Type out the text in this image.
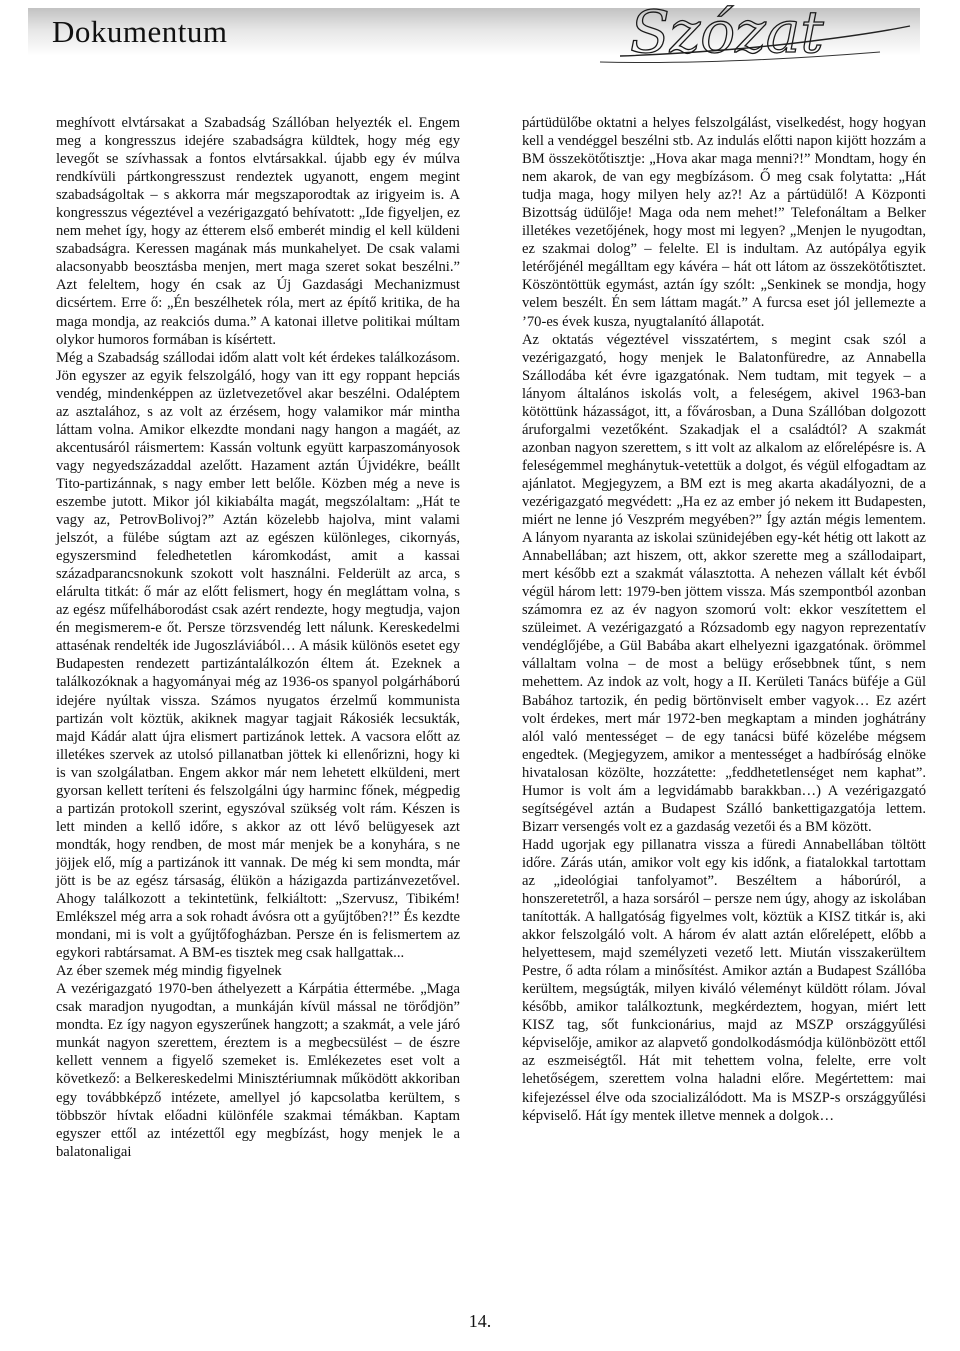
Dokumentum	Szózat

meghívott elvtársakat a Szabadság Szállóban helyezték el. Engem meg a kongresszus idejére szabadságra küldtek, hogy még egy levegőt se szívhassak a fontos elvtársakkal. újabb egy év múlva rendkívüli pártkongresszust rendeztek ugyanott, engem megint szabadságoltak – s akkorra már megszaporodtak az irigyeim is. A kongresszus végeztével a vezérigazgató behívatott: „Ide figyeljen, ez nem mehet így, hogy az étterem első emberét mindig el kell küldeni szabadságra. Keressen magának más munkahelyet. De csak valami alacsonyabb beosztásba menjen, mert maga szeret sokat beszélni.” Azt feleltem, hogy én csak az Új Gazdasági Mechanizmust dicsértem. Erre ő: „Én beszélhetek róla, mert az építő kritika, de ha maga mondja, az reakciós duma.” A katonai illetve politikai múltam olykor humoros formában is kísértett.

Még a Szabadság szállodai időm alatt volt két érdekes találkozásom. Jön egyszer az egyik felszolgáló, hogy van itt egy roppant hepciás vendég, mindenképpen az üzletvezetővel akar beszélni. Odaléptem az asztalához, s az volt az érzésem, hogy valamikor már mintha láttam volna. Amikor elkezdte mondani nagy hangon a magáét, az akcentusáról ráismertem: Kassán voltunk együtt karpaszományosok vagy negyedszázaddal azelőtt. Hazament aztán Újvidékre, beállt Tito-partizánnak, s nagy ember lett belőle. Közben még a neve is eszembe jutott. Mikor jól kikiabálta magát, megszólaltam: „Hát te vagy az, PetrovBolivoj?” Aztán közelebb hajolva, mint valami jelszót, a fülébe súgtam azt az egészen különleges, cikornyás, egyszersmind feledhetetlen káromkodást, amit a kassai századparancsnokunk szokott volt használni. Felderült az arca, s elárulta titkát: ő már az előtt felismert, hogy én megláttam volna, s az egész műfelháborodást csak azért rendezte, hogy megtudja, vajon én megismerem-e őt. Persze törzsvendég lett nálunk. Kereskedelmi attasénak rendelték ide Jugoszláviából… A másik különös esetet egy Budapesten rendezett partizántalálkozón éltem át. Ezeknek a találkozóknak a hagyományai még az 1936-os spanyol polgárháború idejére nyúltak vissza. Számos nyugatos érzelmű kommunista partizán volt köztük, akiknek magyar tagjait Rákosiék lecsukták, majd Kádár alatt újra elismert partizánok lettek. A vacsora előtt az illetékes szervek az utolsó pillanatban jöttek ki ellenőrizni, hogy ki is van szolgálatban. Engem akkor már nem lehetett elküldeni, mert gyorsan kellett teríteni és felszolgálni úgy harminc főnek, mégpedig a partizán protokoll szerint, egyszóval szükség volt rám. Készen is lett minden a kellő időre, s akkor az ott lévő belügyesek azt mondták, hogy rendben, de most már menjek be a konyhára, s ne jöjjek elő, míg a partizánok itt vannak. De még ki sem mondta, már jött is be az egész társaság, élükön a házigazda partizánvezetővel. Ahogy találkozott a tekintetünk, felkiáltott: „Szervusz, Tibikém! Emlékszel még arra a sok rohadt ávósra ott a gyűjtőben?!” És kezdte mondani, mi is volt a gyűjtőfogházban. Persze én is felismertem az egykori rabtársamat. A BM-es tisztek meg csak hallgattak...

Az éber szemek még mindig figyelnek

A vezérigazgató 1970-ben áthelyezett a Kárpátia éttermébe. „Maga csak maradjon nyugodtan, a munkáján kívül mással ne törődjön” mondta. Ez így nagyon egyszerűnek hangzott; a szakmát, a vele járó munkát nagyon szerettem, éreztem is a megbecsülést – de észre kellett vennem a figyelő szemeket is. Emlékezetes eset volt a következő: a Belkereskedelmi Minisztériumnak működött akkoriban egy továbbképző intézete, amellyel jó kapcsolatba kerültem, s többször hívtak előadni különféle szakmai témákban. Kaptam egyszer ettől az intézettől egy megbízást, hogy menjek le a balatonaligai

pártüdülőbe oktatni a helyes felszolgálást, viselkedést, hogy hogyan kell a vendéggel beszélni stb. Az indulás előtti napon kijött hozzám a BM összekötőtisztje: „Hova akar maga menni?!” Mondtam, hogy én nem akarok, de van egy megbízásom. Ő meg csak folytatta: „Hát tudja maga, hogy milyen hely az?! Az a pártüdülő! A Központi Bizottság üdülője! Maga oda nem mehet!” Telefonáltam a Belker illetékes vezetőjének, hogy most mi legyen? „Menjen le nyugodtan, ez szakmai dolog” – felelte. El is indultam. Az autópálya egyik letérőjénél megálltam egy kávéra – hát ott látom az összekötőtisztet. Köszöntöttük egymást, aztán így szólt: „Senkinek se mondja, hogy velem beszélt. Én sem láttam magát.” A furcsa eset jól jellemezte a ’70-es évek kusza, nyugtalanító állapotát.

Az oktatás végeztével visszatértem, s megint csak szól a vezérigazgató, hogy menjek le Balatonfüredre, az Annabella Szállodába két évre igazgatónak. Nem tudtam, mit tegyek – a lányom általános iskolás volt, a feleségem, akivel 1963-ban kötöttünk házasságot, itt, a fővárosban, a Duna Szállóban dolgozott áruforgalmi vezetőként. Szakadjak el a családtól? A szakmát azonban nagyon szerettem, s itt volt az alkalom az előrelépésre is. A feleségemmel meghánytuk-vetettük a dolgot, és végül elfogadtam az ajánlatot. Megjegyzem, a BM ezt is meg akarta akadályozni, de a vezérigazgató megvédett: „Ha ez az ember jó nekem itt Budapesten, miért ne lenne jó Veszprém megyében?” Így aztán mégis lementem. A lányom nyaranta az iskolai szünidejében egy-két hétig ott lakott az Annabellában; azt hiszem, ott, akkor szerette meg a szállodaipart, mert később ezt a szakmát választotta. A nehezen vállalt két évből végül három lett: 1979-ben jöttem vissza. Más szempontból azonban számomra ez az év nagyon szomorú volt: ekkor veszítettem el szüleimet. A vezérigazgató a Rózsadomb egy nagyon reprezentatív vendéglőjébe, a Gül Babába akart elhelyezni igazgatónak. örömmel vállaltam volna – de most a belügy erősebbnek tűnt, s nem mehettem. Az indok az volt, hogy a II. Kerületi Tanács büféje a Gül Babához tartozik, én pedig börtönviselt ember vagyok… Ez azért volt érdekes, mert már 1972-ben megkaptam a minden joghátrány alól való mentességet – de egy tanácsi büfé közelébe mégsem engedtek. (Megjegyzem, amikor a mentességet a hadbíróság elnöke hivatalosan közölte, hozzátette: „feddhetetlenséget nem kaphat”. Humor is volt ám a legvidámabb barakkban…) A vezérigazgató segítségével aztán a Budapest Szálló bankettigazgatója lettem. Bizarr versengés volt ez a gazdaság vezetői és a BM között.

Hadd ugorjak egy pillanatra vissza a füredi Annabellában töltött időre. Zárás után, amikor volt egy kis időnk, a fiatalokkal tartottam az „ideológiai tanfolyamot”. Beszéltem a háborúról, a honszeretetről, a haza sorsáról – persze nem úgy, ahogy az iskolában tanították. A hallgatóság figyelmes volt, köztük a KISZ titkár is, aki akkor felszolgáló volt. A három év alatt aztán előrelépett, előbb a helyettesem, majd személyzeti vezető lett. Miután visszakerültem Pestre, ő adta rólam a minősítést. Amikor aztán a Budapest Szállóba kerültem, megsúgták, milyen kiváló véleményt küldött rólam. Jóval később, amikor találkoztunk, megkérdeztem, hogyan, miért lett KISZ tag, sőt funkcionárius, majd az MSZP országgyűlési képviselője, amikor az alapvető gondolkodásmódja különbözött ettől az eszmeiségtől. Hát mit tehettem volna, felelte, erre volt lehetőségem, szerettem volna haladni előre. Megértettem: mai kifejezéssel élve oda szocializálódott. Ma is MSZP-s országgyűlési képviselő. Hát így mentek illetve mennek a dolgok…

14.
